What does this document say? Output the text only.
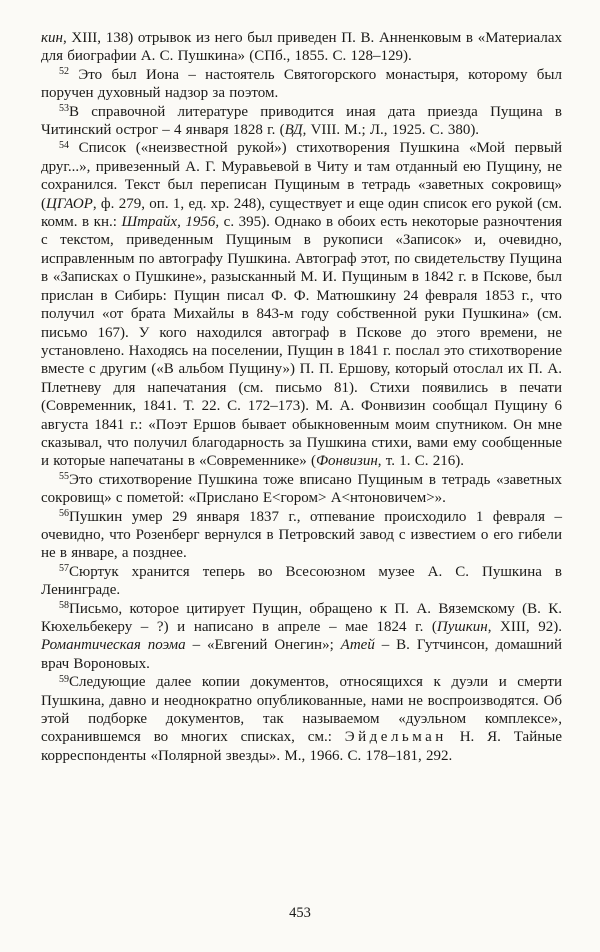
кин, XIII, 138) отрывок из него был приведен П. В. Анненковым в «Материалах для биографии А. С. Пушкина» (СПб., 1855. С. 128–129).

$^{52}$ Это был Иона – настоятель Святогорского монастыря, которому был поручен духовный надзор за поэтом.

$^{53}$В справочной литературе приводится иная дата приезда Пущина в Читинский острог – 4 января 1828 г. (ВД, VIII. М.; Л., 1925. С. 380).

$^{54}$ Список («неизвестной рукой») стихотворения Пушкина «Мой первый друг...», привезенный А. Г. Муравьевой в Читу и там отданный ею Пущину, не сохранился. Текст был переписан Пущиным в тетрадь «заветных сокровищ» (ЦГАОР, ф. 279, оп. 1, ед. хр. 248), существует и еще один список его рукой (см. комм. в кн.: Штрайх, 1956, с. 395). Однако в обоих есть некоторые разночтения с текстом, приведенным Пущиным в рукописи «Записок» и, очевидно, исправленным по автографу Пушкина. Автограф этот, по свидетельству Пущина в «Записках о Пушкине», разысканный М. И. Пущиным в 1842 г. в Пскове, был прислан в Сибирь: Пущин писал Ф. Ф. Матюшкину 24 февраля 1853 г., что получил «от брата Михайлы в 843-м году собственной руки Пушкина» (см. письмо 167). У кого находился автограф в Пскове до этого времени, не установлено. Находясь на поселении, Пущин в 1841 г. послал это стихотворение вместе с другим («В альбом Пущину») П. П. Ершову, который отослал их П. А. Плетневу для напечатания (см. письмо 81). Стихи появились в печати (Современник, 1841. Т. 22. С. 172–173). М. А. Фонвизин сообщал Пущину 6 августа 1841 г.: «Поэт Ершов бывает обыкновенным моим спутником. Он мне сказывал, что получил благодарность за Пушкина стихи, вами ему сообщенные и которые напечатаны в «Современнике» (Фонвизин, т. 1. С. 216).

$^{55}$Это стихотворение Пушкина тоже вписано Пущиным в тетрадь «заветных сокровищ» с пометой: «Прислано Е<гором> А<нтоновичем>».

$^{56}$Пушкин умер 29 января 1837 г., отпевание происходило 1 февраля – очевидно, что Розенберг вернулся в Петровский завод с известием о его гибели не в январе, а позднее.

$^{57}$Сюртук хранится теперь во Всесоюзном музее А. С. Пушкина в Ленинграде.

$^{58}$Письмо, которое цитирует Пущин, обращено к П. А. Вяземскому (В. К. Кюхельбекеру – ?) и написано в апреле – мае 1824 г. (Пушкин, XIII, 92). Романтическая поэма – «Евгений Онегин»; Атей – В. Гутчинсон, домашний врач Вороновых.

$^{59}$Следующие далее копии документов, относящихся к дуэли и смерти Пушкина, давно и неоднократно опубликованные, нами не воспроизводятся. Об этой подборке документов, так называемом «дуэльном комплексе», сохранившемся во многих списках, см.: Эйдельман Н. Я. Тайные корреспонденты «Полярной звезды». М., 1966. С. 178–181, 292.

453
